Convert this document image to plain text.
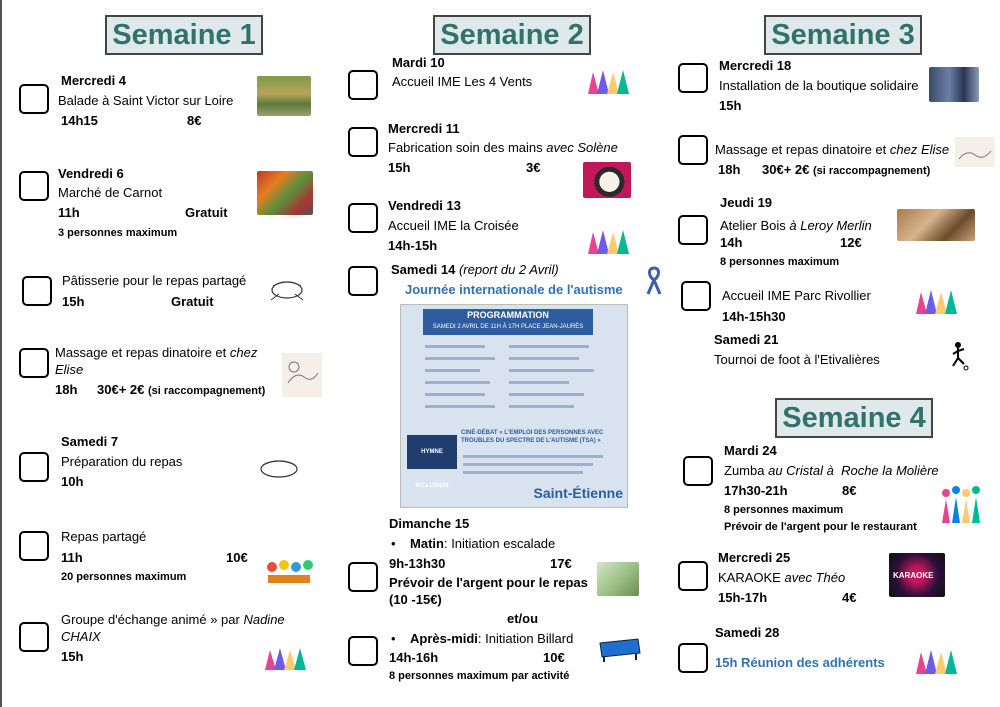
Semaine 1	Semaine 2	Semaine 3
Semaine 4
Mercredi 4
Balade à Saint Victor sur Loire
14h15	8€
Vendredi 6
Marché de Carnot
11h	Gratuit
3 personnes maximum
Pâtisserie pour le repas partagé
15h	Gratuit
Massage et repas dinatoire et chez
Elise
18h 30€+ 2€ (si raccompagnement)
Samedi 7
Préparation du repas
10h
Repas partagé
11h	10€
20 personnes maximum
Groupe d'échange animé » par Nadine
CHAIX
15h
Mardi 10
Accueil IME Les 4 Vents
Mercredi 11
Fabrication soin des mains avec Solène
15h	3€
Vendredi 13
Accueil IME la Croisée
14h-15h
Samedi 14 (report du 2 Avril)
Journée internationale de l'autisme
PROGRAMMATION
SAMEDI 2 AVRIL DE 11H À 17H PLACE JEAN-JAURÈS
CINÉ-DÉBAT « L'EMPLOI DES PERSONNES AVEC TROUBLES DU SPECTRE DE L'AUTISME (TSA) »
HYMNE INCLUSION	Saint-Étienne
Dimanche 15
• Matin: Initiation escalade
9h-13h30	17€
Prévoir de l'argent pour le repas
(10 -15€)
et/ou
• Après-midi: Initiation Billard
14h-16h	10€
8 personnes maximum par activité
Mercredi 18
Installation de la boutique solidaire
15h
Massage et repas dinatoire et chez Elise
18h 30€+ 2€ (si raccompagnement)
Jeudi 19
Atelier Bois à Leroy Merlin
14h	12€
8 personnes maximum
Accueil IME Parc Rivollier
14h-15h30
Samedi 21
Tournoi de foot à l'Etivalières
Mardi 24
Zumba au Cristal à Roche la Molière
17h30-21h	8€
8 personnes maximum
Prévoir de l'argent pour le restaurant
Mercredi 25
KARAOKE avec Théo
15h-17h	4€
KARAOKE
Samedi 28
15h Réunion des adhérents
